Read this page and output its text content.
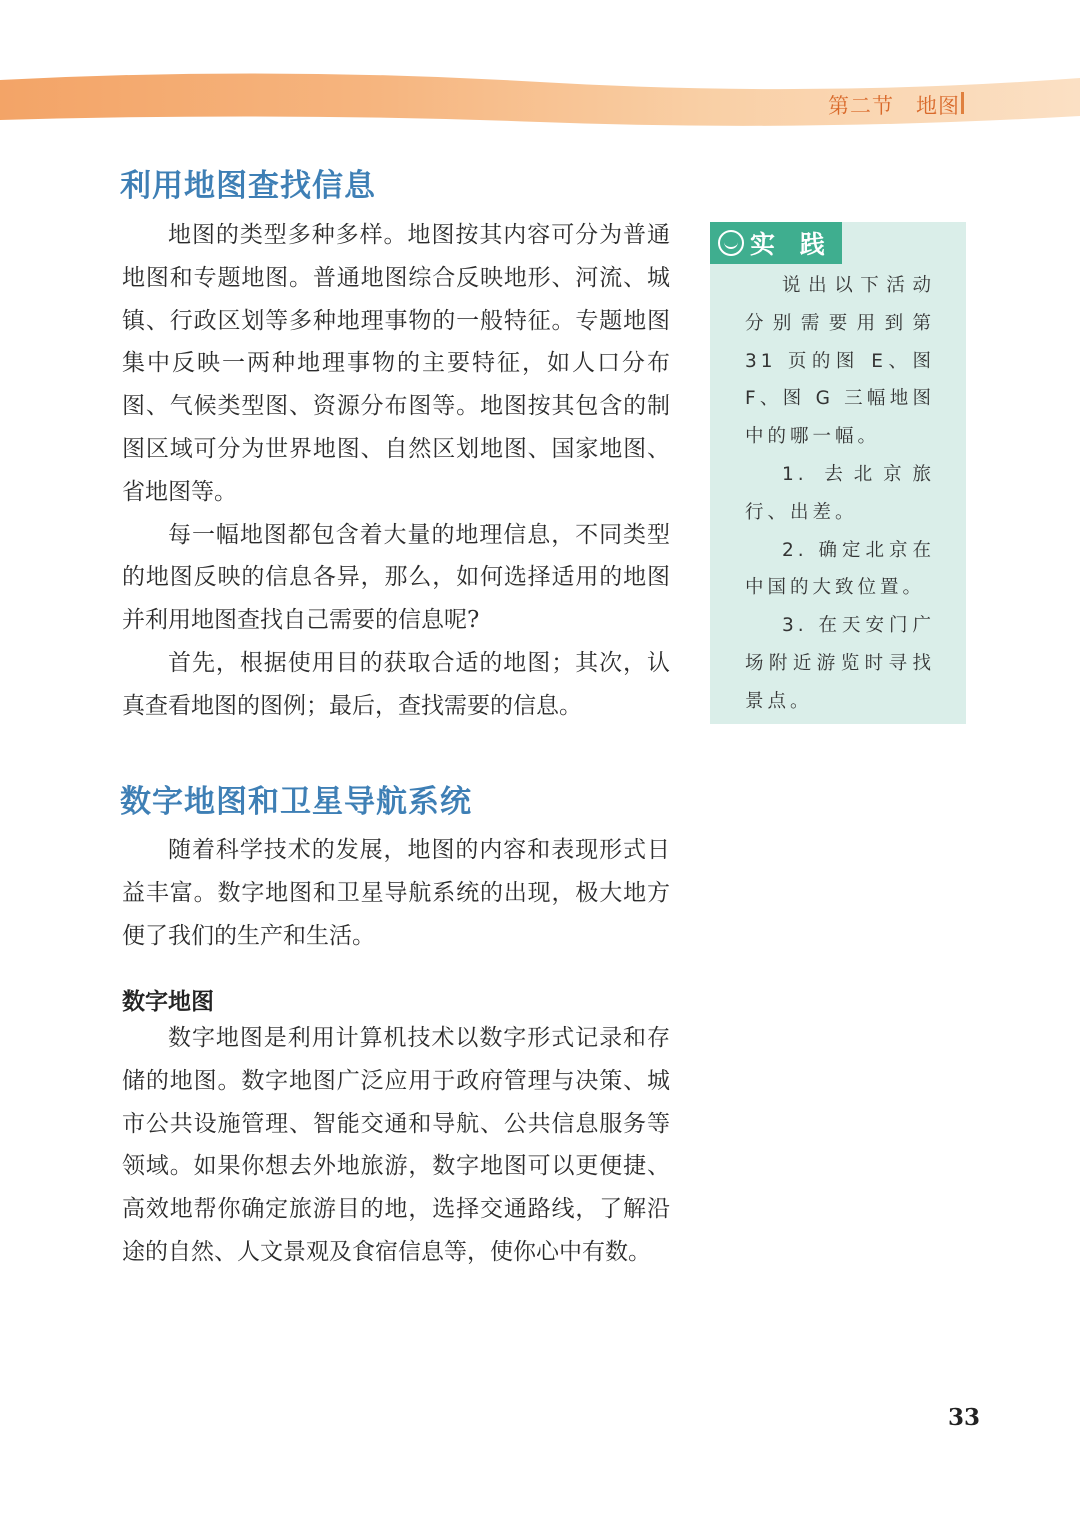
第二节 地图
利用地图查找信息

地图的类型多种多样。地图按其内容可分为普通地图和专题地图。普通地图综合反映地形、河流、城镇、行政区划等多种地理事物的一般特征。专题地图集中反映一两种地理事物的主要特征，如人口分布图、气候类型图、资源分布图等。地图按其包含的制图区域可分为世界地图、自然区划地图、国家地图、省地图等。

每一幅地图都包含着大量的地理信息，不同类型的地图反映的信息各异，那么，如何选择适用的地图并利用地图查找自己需要的信息呢?

首先，根据使用目的获取合适的地图；其次，认真查看地图的图例；最后，查找需要的信息。

实 践

说出以下活动分别需要用到第 31 页的图 E、图 F、图 G 三幅地图中的哪一幅。

1. 去北京旅行、出差。

2. 确定北京在中国的大致位置。

3. 在天安门广场附近游览时寻找景点。

数字地图和卫星导航系统

随着科学技术的发展，地图的内容和表现形式日益丰富。数字地图和卫星导航系统的出现，极大地方便了我们的生产和生活。

数字地图

数字地图是利用计算机技术以数字形式记录和存储的地图。数字地图广泛应用于政府管理与决策、城市公共设施管理、智能交通和导航、公共信息服务等领域。如果你想去外地旅游，数字地图可以更便捷、高效地帮你确定旅游目的地，选择交通路线，了解沿途的自然、人文景观及食宿信息等，使你心中有数。

33
